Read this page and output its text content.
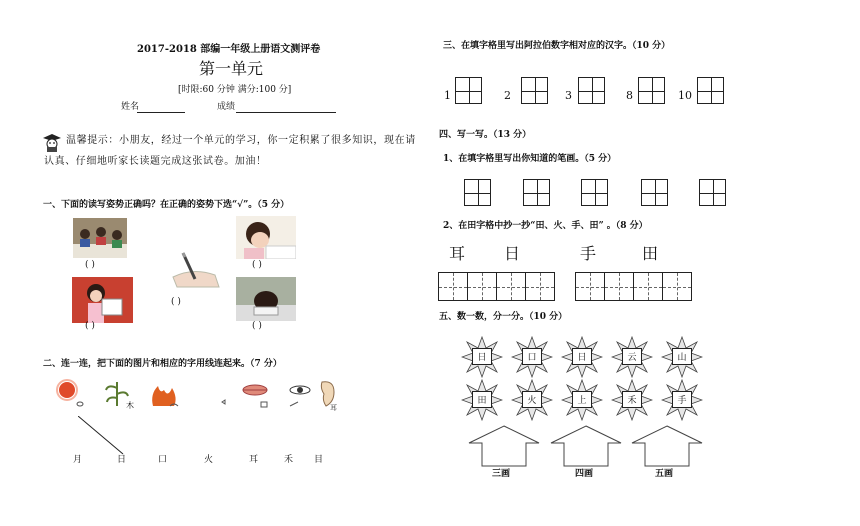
2017-2018 部编一年级上册语文测评卷
第一单元
[时限:60 分钟 满分:100 分]
姓名	成绩
温馨提示：小朋友，经过一个单元的学习，你一定积累了很多知识，现在请
认真、仔细地听家长读题完成这张试卷。加油！
一、下面的读写姿势正确吗？在正确的姿势下选“√”。（5 分）
( )
( )
( )
( )	( )
二、连一连，把下面的图片和相应的字用线连起来。（7 分）
木	耳
月	日	口	火	耳	禾 目
三、在填字格里写出阿拉伯数字相对应的汉字。（10 分）
1	2	3	8	10
四、写一写。（13 分）
1、在填字格里写出你知道的笔画。（5 分）
2、在田字格中抄一抄“田、火、手、田” 。（8 分）
耳 日	手	田
五、数一数，分一分。（10 分）
日	口	日	云	山
田	火	上	禾	手
三画	四画	五画
